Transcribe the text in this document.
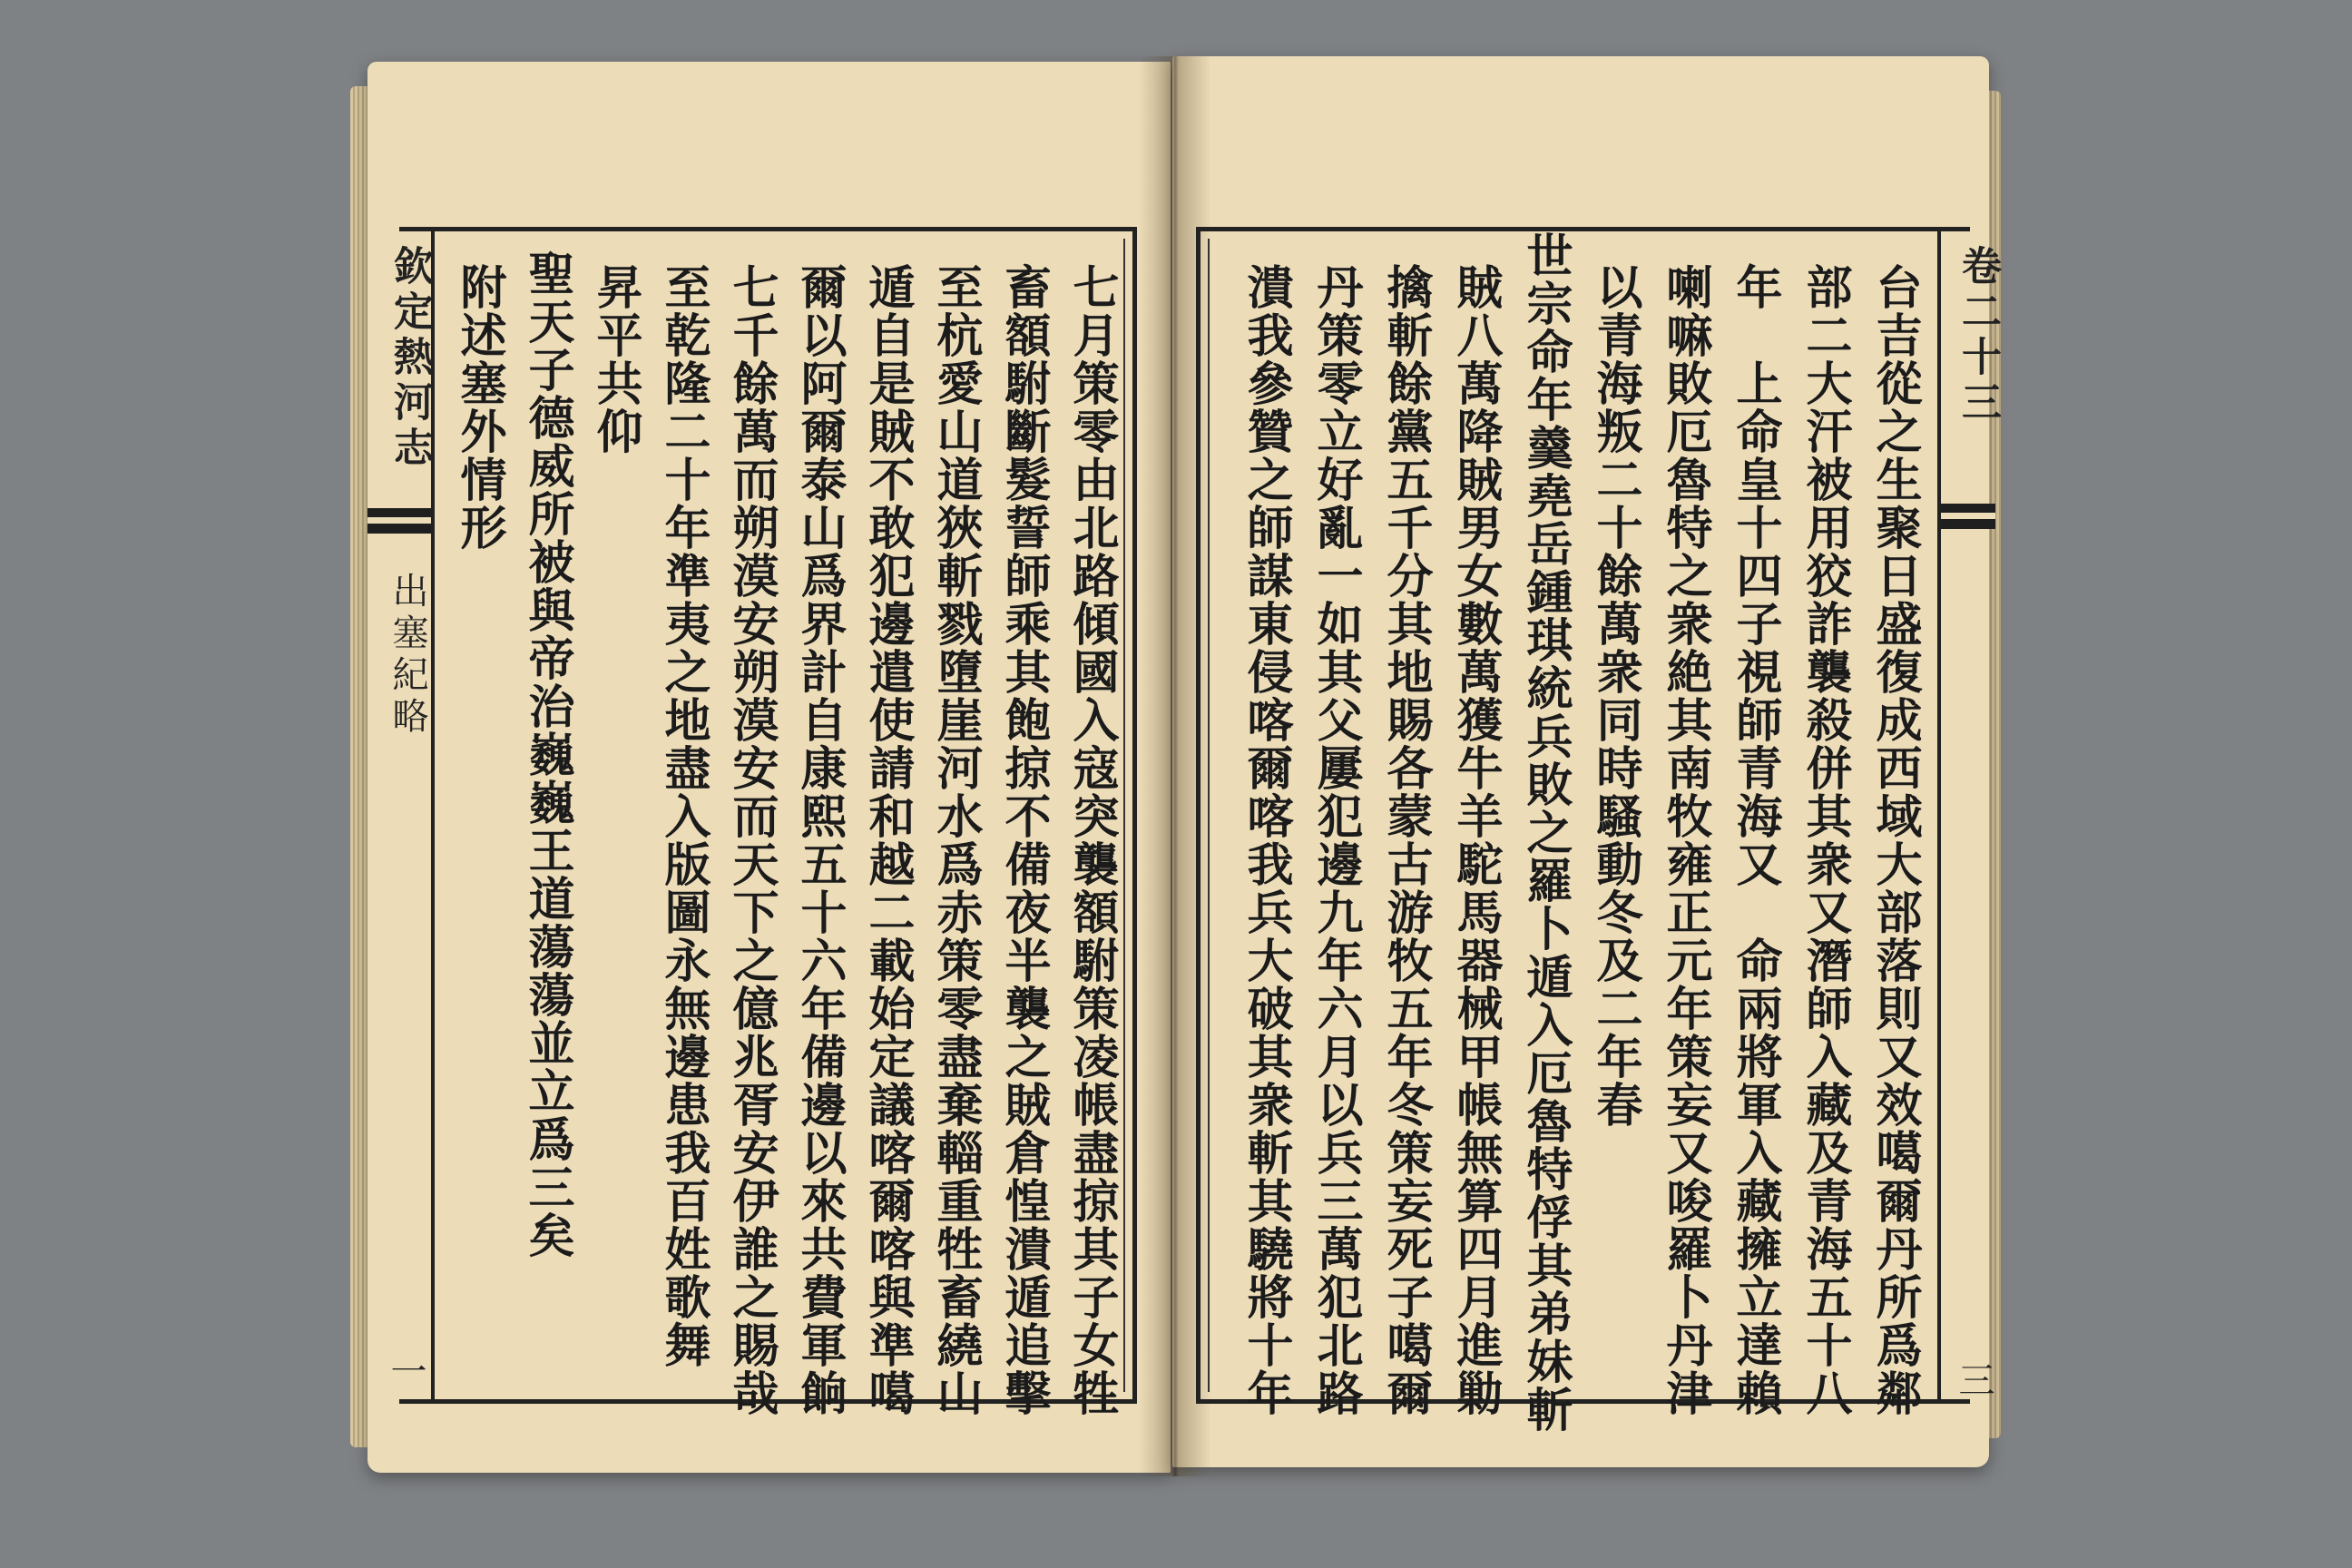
欽定熱河志
出塞紀略
一	七月策零由北路傾國入寇突襲額駙策凌帳盡掠其子女牲
畜額駙斷髮誓師乘其飽掠不備夜半襲之賊倉惶潰遁追擊
至杭愛山道狹斬戮墮崖河水爲赤策零盡棄輜重牲畜繞山
遁自是賊不敢犯邊遣使請和越二載始定議喀爾喀與準噶
爾以阿爾泰山爲界計自康熙五十六年備邊以來共費軍餉
七千餘萬而朔漠安朔漠安而天下之億兆胥安伊誰之賜哉
至乾隆二十年準夷之地盡入版圖永無邊患我百姓歌舞
昇平共仰
聖天子德威所被與帝治巍巍王道蕩蕩並立爲三矣
附述塞外情形	卷二十三
三
台吉從之生聚日盛復成西域大部落則又效噶爾丹所爲鄰
部二大汗被用狡詐襲殺併其衆又潛師入藏及青海五十八
年　上命皇十四子視師青海又　命兩將軍入藏擁立達賴
喇嘛敗厄魯特之衆絶其南牧雍正元年策妄又唆羅卜丹津
以青海叛二十餘萬衆同時騷動冬及二年春
世宗命年羹堯岳鍾琪統兵敗之羅卜遁入厄魯特俘其弟妹斬
賊八萬降賊男女數萬獲牛羊駝馬器械甲帳無算四月進勦
擒斬餘黨五千分其地賜各蒙古游牧五年冬策妄死子噶爾
丹策零立好亂一如其父屢犯邊九年六月以兵三萬犯北路
潰我參贊之師謀東侵喀爾喀我兵大破其衆斬其驍將十年
